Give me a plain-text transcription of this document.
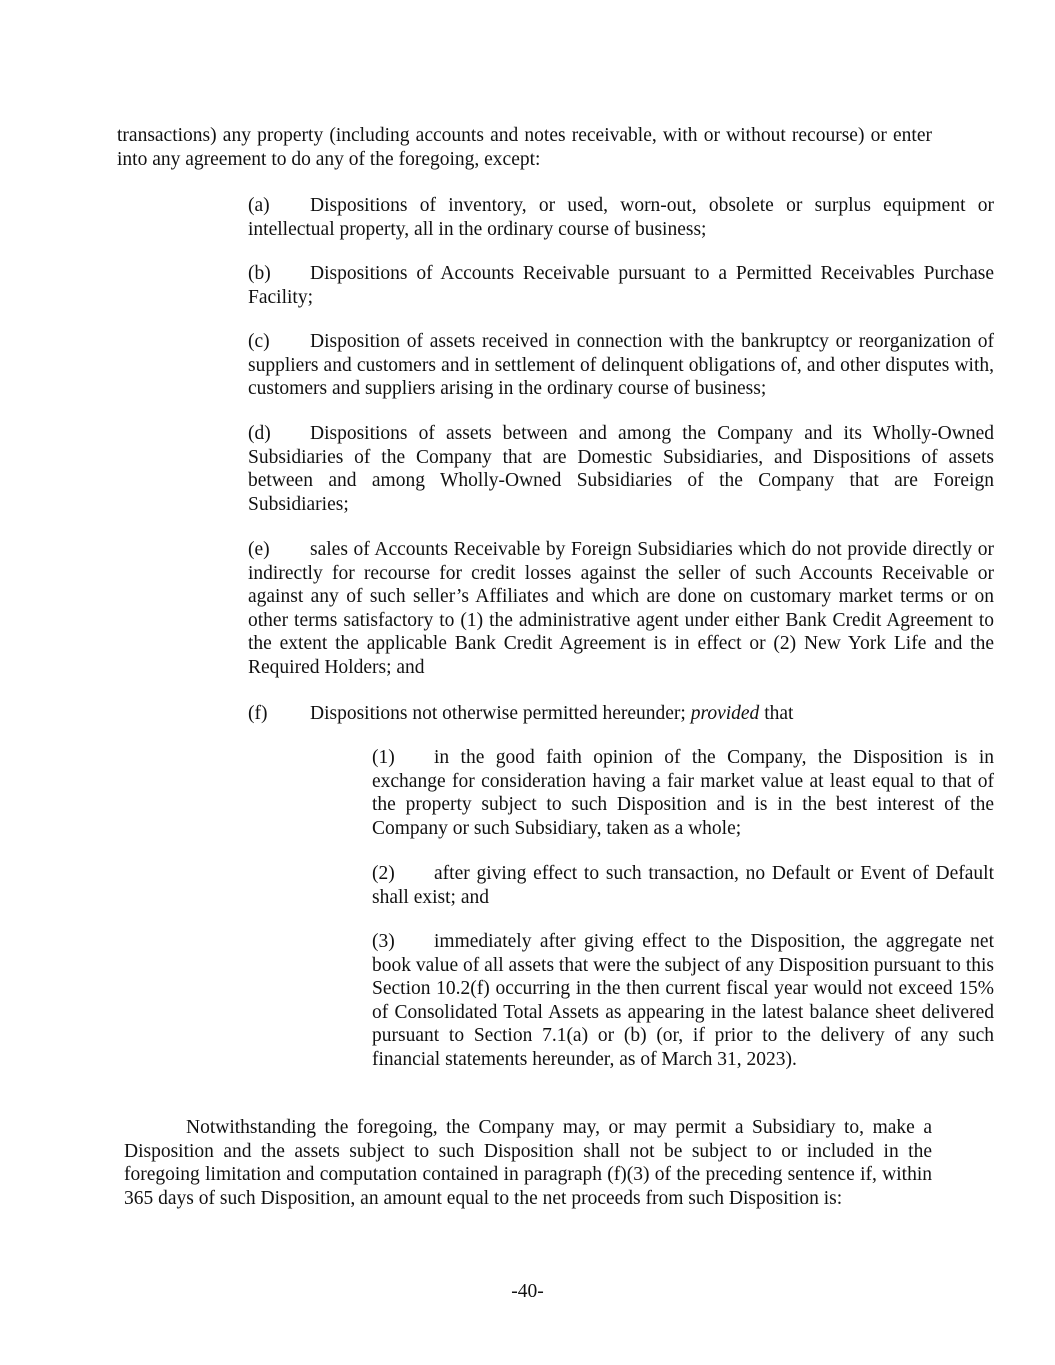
transactions) any property (including accounts and notes receivable, with or without recourse) or enter into any agreement to do any of the foregoing, except:

(a) Dispositions of inventory, or used, worn-out, obsolete or surplus equipment or intellectual property, all in the ordinary course of business;

(b) Dispositions of Accounts Receivable pursuant to a Permitted Receivables Purchase Facility;

(c) Disposition of assets received in connection with the bankruptcy or reorganization of suppliers and customers and in settlement of delinquent obligations of, and other disputes with, customers and suppliers arising in the ordinary course of business;

(d) Dispositions of assets between and among the Company and its Wholly-Owned Subsidiaries of the Company that are Domestic Subsidiaries, and Dispositions of assets between and among Wholly-Owned Subsidiaries of the Company that are Foreign Subsidiaries;

(e) sales of Accounts Receivable by Foreign Subsidiaries which do not provide directly or indirectly for recourse for credit losses against the seller of such Accounts Receivable or against any of such seller’s Affiliates and which are done on customary market terms or on other terms satisfactory to (1) the administrative agent under either Bank Credit Agreement to the extent the applicable Bank Credit Agreement is in effect or (2) New York Life and the Required Holders; and

(f) Dispositions not otherwise permitted hereunder; provided that

(1) in the good faith opinion of the Company, the Disposition is in exchange for consideration having a fair market value at least equal to that of the property subject to such Disposition and is in the best interest of the Company or such Subsidiary, taken as a whole;

(2) after giving effect to such transaction, no Default or Event of Default shall exist; and

(3) immediately after giving effect to the Disposition, the aggregate net book value of all assets that were the subject of any Disposition pursuant to this Section 10.2(f) occurring in the then current fiscal year would not exceed 15% of Consolidated Total Assets as appearing in the latest balance sheet delivered pursuant to Section 7.1(a) or (b) (or, if prior to the delivery of any such financial statements hereunder, as of March 31, 2023).

Notwithstanding the foregoing, the Company may, or may permit a Subsidiary to, make a Disposition and the assets subject to such Disposition shall not be subject to or included in the foregoing limitation and computation contained in paragraph (f)(3) of the preceding sentence if, within 365 days of such Disposition, an amount equal to the net proceeds from such Disposition is:

-40-
